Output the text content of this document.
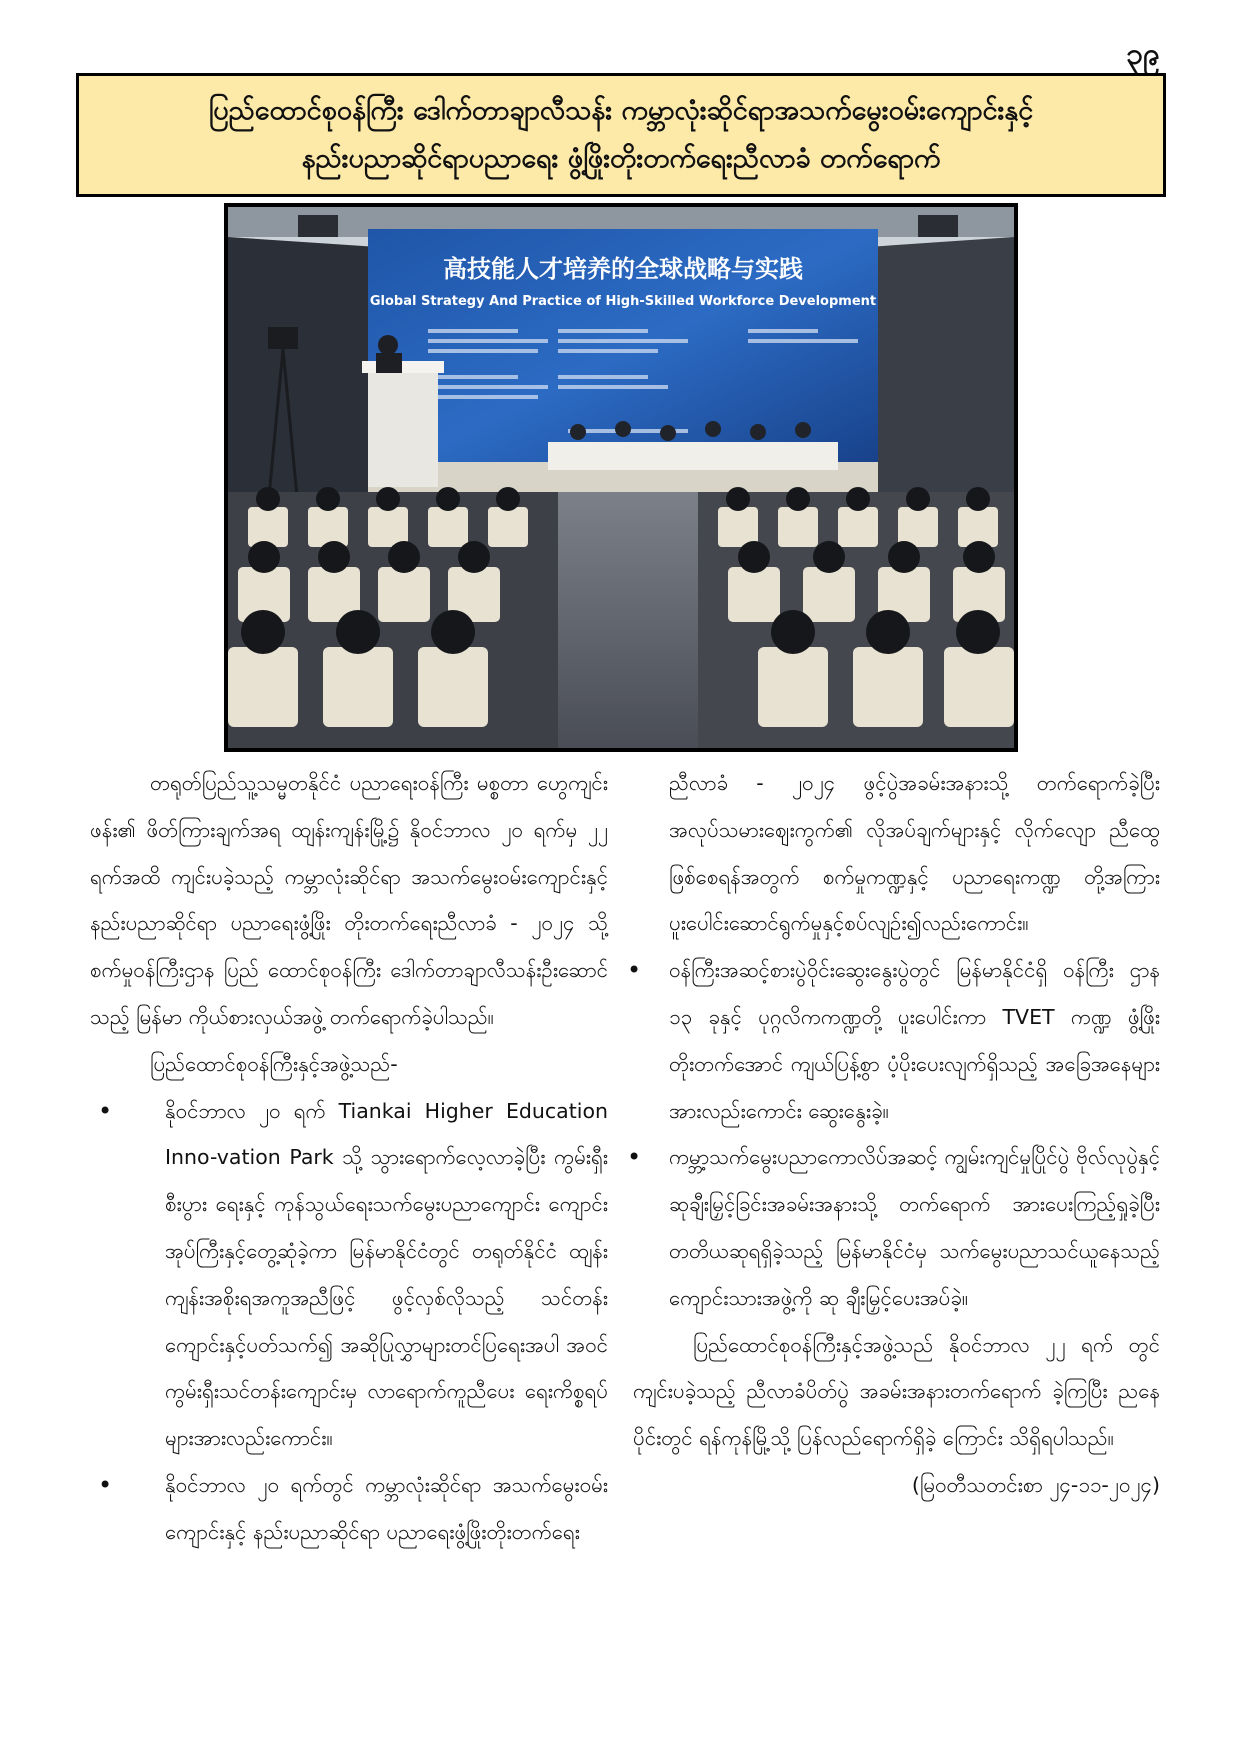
၃၉
ပြည်ထောင်စုဝန်ကြီး ဒေါက်တာချာလီသန်း ကမ္ဘာလုံးဆိုင်ရာအသက်မွေးဝမ်းကျောင်းနှင့်
နည်းပညာဆိုင်ရာပညာရေး ဖွံ့ဖြိုးတိုးတက်ရေးညီလာခံ တက်ရောက်
高技能人才培养的全球战略与实践
Global Strategy And Practice of High-Skilled Workforce Development

တရုတ်ပြည်သူ့သမ္မတနိုင်ငံ ပညာရေးဝန်ကြီး မစ္စတာ ဟွေကျင်းဖန်း၏ ဖိတ်ကြားချက်အရ ထျန်းကျန်းမြို့၌ နိုဝင်ဘာလ ၂၀ ရက်မှ ၂၂ ရက်အထိ ကျင်းပခဲ့သည့် ကမ္ဘာလုံးဆိုင်ရာ အသက်မွေးဝမ်းကျောင်းနှင့် နည်းပညာဆိုင်ရာ ပညာရေးဖွံ့ဖြိုး တိုးတက်ရေးညီလာခံ - ၂၀၂၄ သို့ စက်မှုဝန်ကြီးဌာန ပြည် ထောင်စုဝန်ကြီး ဒေါက်တာချာလီသန်းဦးဆောင်သည့် မြန်မာ ကိုယ်စားလှယ်အဖွဲ့ တက်ရောက်ခဲ့ပါသည်။

ပြည်ထောင်စုဝန်ကြီးနှင့်အဖွဲ့သည်-

• နိုဝင်ဘာလ ၂၀ ရက် Tiankai Higher Education Inno-vation Park သို့ သွားရောက်လေ့လာခဲ့ပြီး ကွမ်းရှီးစီးပွား ရေးနှင့် ကုန်သွယ်ရေးသက်မွေးပညာကျောင်း ကျောင်း အုပ်ကြီးနှင့်တွေ့ဆုံခဲ့ကာ မြန်မာနိုင်ငံတွင် တရုတ်နိုင်ငံ ထျန်းကျန်းအစိုးရအကူအညီဖြင့် ဖွင့်လှစ်လိုသည့် သင်တန်း ကျောင်းနှင့်ပတ်သက်၍ အဆိုပြုလွှာများတင်ပြရေးအပါ အဝင် ကွမ်းရှီးသင်တန်းကျောင်းမှ လာရောက်ကူညီပေး ရေးကိစ္စရပ်များအားလည်းကောင်း။
• နိုဝင်ဘာလ ၂၀ ရက်တွင် ကမ္ဘာလုံးဆိုင်ရာ အသက်မွေးဝမ်း ကျောင်းနှင့် နည်းပညာဆိုင်ရာ ပညာရေးဖွံ့ဖြိုးတိုးတက်ရေး

ညီလာခံ - ၂၀၂၄ ဖွင့်ပွဲအခမ်းအနားသို့ တက်ရောက်ခဲ့ပြီး အလုပ်သမားဈေးကွက်၏ လိုအပ်ချက်များနှင့် လိုက်လျော ညီထွေဖြစ်စေရန်အတွက် စက်မှုကဏ္ဍနှင့် ပညာရေးကဏ္ဍ တို့အကြား ပူးပေါင်းဆောင်ရွက်မှုနှင့်စပ်လျဉ်း၍လည်းကောင်း။

• ဝန်ကြီးအဆင့်စားပွဲဝိုင်းဆွေးနွေးပွဲတွင် မြန်မာနိုင်ငံရှိ ဝန်ကြီး ဌာန ၁၃ ခုနှင့် ပုဂ္ဂလိကကဏ္ဍတို့ ပူးပေါင်းကာ TVET ကဏ္ဍ ဖွံ့ဖြိုးတိုးတက်အောင် ကျယ်ပြန့်စွာ ပံ့ပိုးပေးလျက်ရှိသည့် အခြေအနေများအားလည်းကောင်း ဆွေးနွေးခဲ့။
• ကမ္ဘာ့သက်မွေးပညာကောလိပ်အဆင့် ကျွမ်းကျင်မှုပြိုင်ပွဲ ဗိုလ်လုပွဲနှင့် ဆုချီးမြှင့်ခြင်းအခမ်းအနားသို့ တက်ရောက် အားပေးကြည့်ရှုခဲ့ပြီး တတိယဆုရရှိခဲ့သည့် မြန်မာနိုင်ငံမှ သက်မွေးပညာသင်ယူနေသည့် ကျောင်းသားအဖွဲ့ကို ဆု ချီးမြှင့်ပေးအပ်ခဲ့။

ပြည်ထောင်စုဝန်ကြီးနှင့်အဖွဲ့သည် နိုဝင်ဘာလ ၂၂ ရက် တွင် ကျင်းပခဲ့သည့် ညီလာခံပိတ်ပွဲ အခမ်းအနားတက်ရောက် ခဲ့ကြပြီး ညနေပိုင်းတွင် ရန်ကုန်မြို့သို့ ပြန်လည်ရောက်ရှိခဲ့ ကြောင်း သိရှိရပါသည်။

(မြဝတီသတင်းစာ ၂၄-၁၁-၂၀၂၄)
